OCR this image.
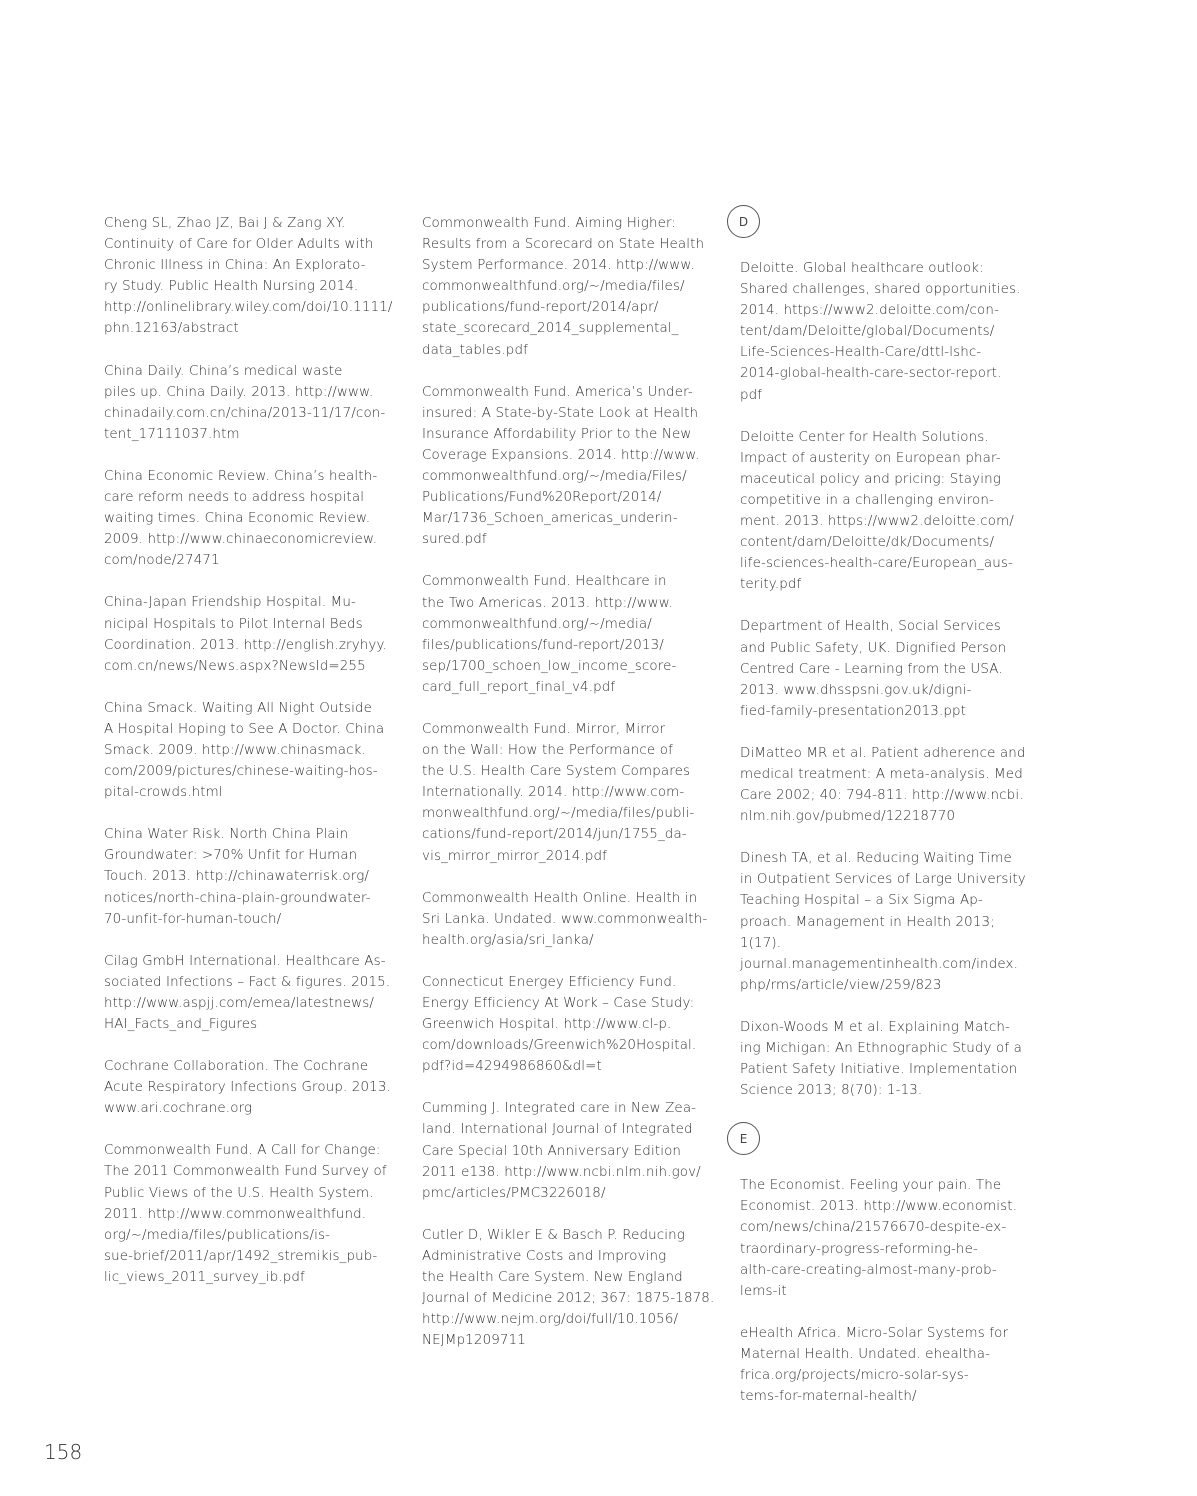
Cheng SL, Zhao JZ, Bai J & Zang XY.
Continuity of Care for Older Adults with
Chronic Illness in China: An Explorato-
ry Study. Public Health Nursing 2014.
http://onlinelibrary.wiley.com/doi/10.1111/
phn.12163/abstract

China Daily. China’s medical waste
piles up. China Daily. 2013. http://www.
chinadaily.com.cn/china/2013-11/17/con-
tent_17111037.htm

China Economic Review. China’s health-
care reform needs to address hospital
waiting times. China Economic Review.
2009. http://www.chinaeconomicreview.
com/node/27471

China-Japan Friendship Hospital. Mu-
nicipal Hospitals to Pilot Internal Beds
Coordination. 2013. http://english.zryhyy.
com.cn/news/News.aspx?NewsId=255

China Smack. Waiting All Night Outside
A Hospital Hoping to See A Doctor. China
Smack. 2009. http://www.chinasmack.
com/2009/pictures/chinese-waiting-hos-
pital-crowds.html

China Water Risk. North China Plain
Groundwater: >70% Unfit for Human
Touch. 2013. http://chinawaterrisk.org/
notices/north-china-plain-groundwater-
70-unfit-for-human-touch/

Cilag GmbH International. Healthcare As-
sociated Infections – Fact & figures. 2015.
http://www.aspjj.com/emea/latestnews/
HAI_Facts_and_Figures

Cochrane Collaboration. The Cochrane
Acute Respiratory Infections Group. 2013.
www.ari.cochrane.org

Commonwealth Fund. A Call for Change:
The 2011 Commonwealth Fund Survey of
Public Views of the U.S. Health System.
2011. http://www.commonwealthfund.
org/~/media/files/publications/is-
sue-brief/2011/apr/1492_stremikis_pub-
lic_views_2011_survey_ib.pdf

Commonwealth Fund. Aiming Higher:
Results from a Scorecard on State Health
System Performance. 2014. http://www.
commonwealthfund.org/~/media/files/
publications/fund-report/2014/apr/
state_scorecard_2014_supplemental_
data_tables.pdf

Commonwealth Fund. America’s Under-
insured: A State-by-State Look at Health
Insurance Affordability Prior to the New
Coverage Expansions. 2014. http://www.
commonwealthfund.org/~/media/Files/
Publications/Fund%20Report/2014/
Mar/1736_Schoen_americas_underin-
sured.pdf

Commonwealth Fund. Healthcare in
the Two Americas. 2013. http://www.
commonwealthfund.org/~/media/
files/publications/fund-report/2013/
sep/1700_schoen_low_income_score-
card_full_report_final_v4.pdf

Commonwealth Fund. Mirror, Mirror
on the Wall: How the Performance of
the U.S. Health Care System Compares
Internationally. 2014. http://www.com-
monwealthfund.org/~/media/files/publi-
cations/fund-report/2014/jun/1755_da-
vis_mirror_mirror_2014.pdf

Commonwealth Health Online. Health in
Sri Lanka. Undated. www.commonwealth-
health.org/asia/sri_lanka/

Connecticut Energey Efficiency Fund.
Energy Efficiency At Work – Case Study:
Greenwich Hospital. http://www.cl-p.
com/downloads/Greenwich%20Hospital.
pdf?id=4294986860&dl=t

Cumming J. Integrated care in New Zea-
land. International Journal of Integrated
Care Special 10th Anniversary Edition
2011 e138. http://www.ncbi.nlm.nih.gov/
pmc/articles/PMC3226018/

Cutler D, Wikler E & Basch P. Reducing
Administrative Costs and Improving
the Health Care System. New England
Journal of Medicine 2012; 367: 1875-1878.
http://www.nejm.org/doi/full/10.1056/
NEJMp1209711

D

Deloitte. Global healthcare outlook:
Shared challenges, shared opportunities.
2014. https://www2.deloitte.com/con-
tent/dam/Deloitte/global/Documents/
Life-Sciences-Health-Care/dttl-lshc-
2014-global-health-care-sector-report.
pdf

Deloitte Center for Health Solutions.
Impact of austerity on European phar-
maceutical policy and pricing: Staying
competitive in a challenging environ-
ment. 2013. https://www2.deloitte.com/
content/dam/Deloitte/dk/Documents/
life-sciences-health-care/European_aus-
terity.pdf

Department of Health, Social Services
and Public Safety, UK. Dignified Person
Centred Care - Learning from the USA.
2013. www.dhsspsni.gov.uk/digni-
fied-family-presentation2013.ppt

DiMatteo MR et al. Patient adherence and
medical treatment: A meta-analysis. Med
Care 2002; 40: 794-811. http://www.ncbi.
nlm.nih.gov/pubmed/12218770

Dinesh TA, et al. Reducing Waiting Time
in Outpatient Services of Large University
Teaching Hospital – a Six Sigma Ap-
proach. Management in Health 2013; 1(17).
journal.managementinhealth.com/index.
php/rms/article/view/259/823

Dixon-Woods M et al. Explaining Match-
ing Michigan: An Ethnographic Study of a
Patient Safety Initiative. Implementation
Science 2013; 8(70): 1-13.

E

The Economist. Feeling your pain. The
Economist. 2013. http://www.economist.
com/news/china/21576670-despite-ex-
traordinary-progress-reforming-he-
alth-care-creating-almost-many-prob-
lems-it

eHealth Africa. Micro-Solar Systems for
Maternal Health. Undated. ehealtha-
frica.org/projects/micro-solar-sys-
tems-for-maternal-health/

158
